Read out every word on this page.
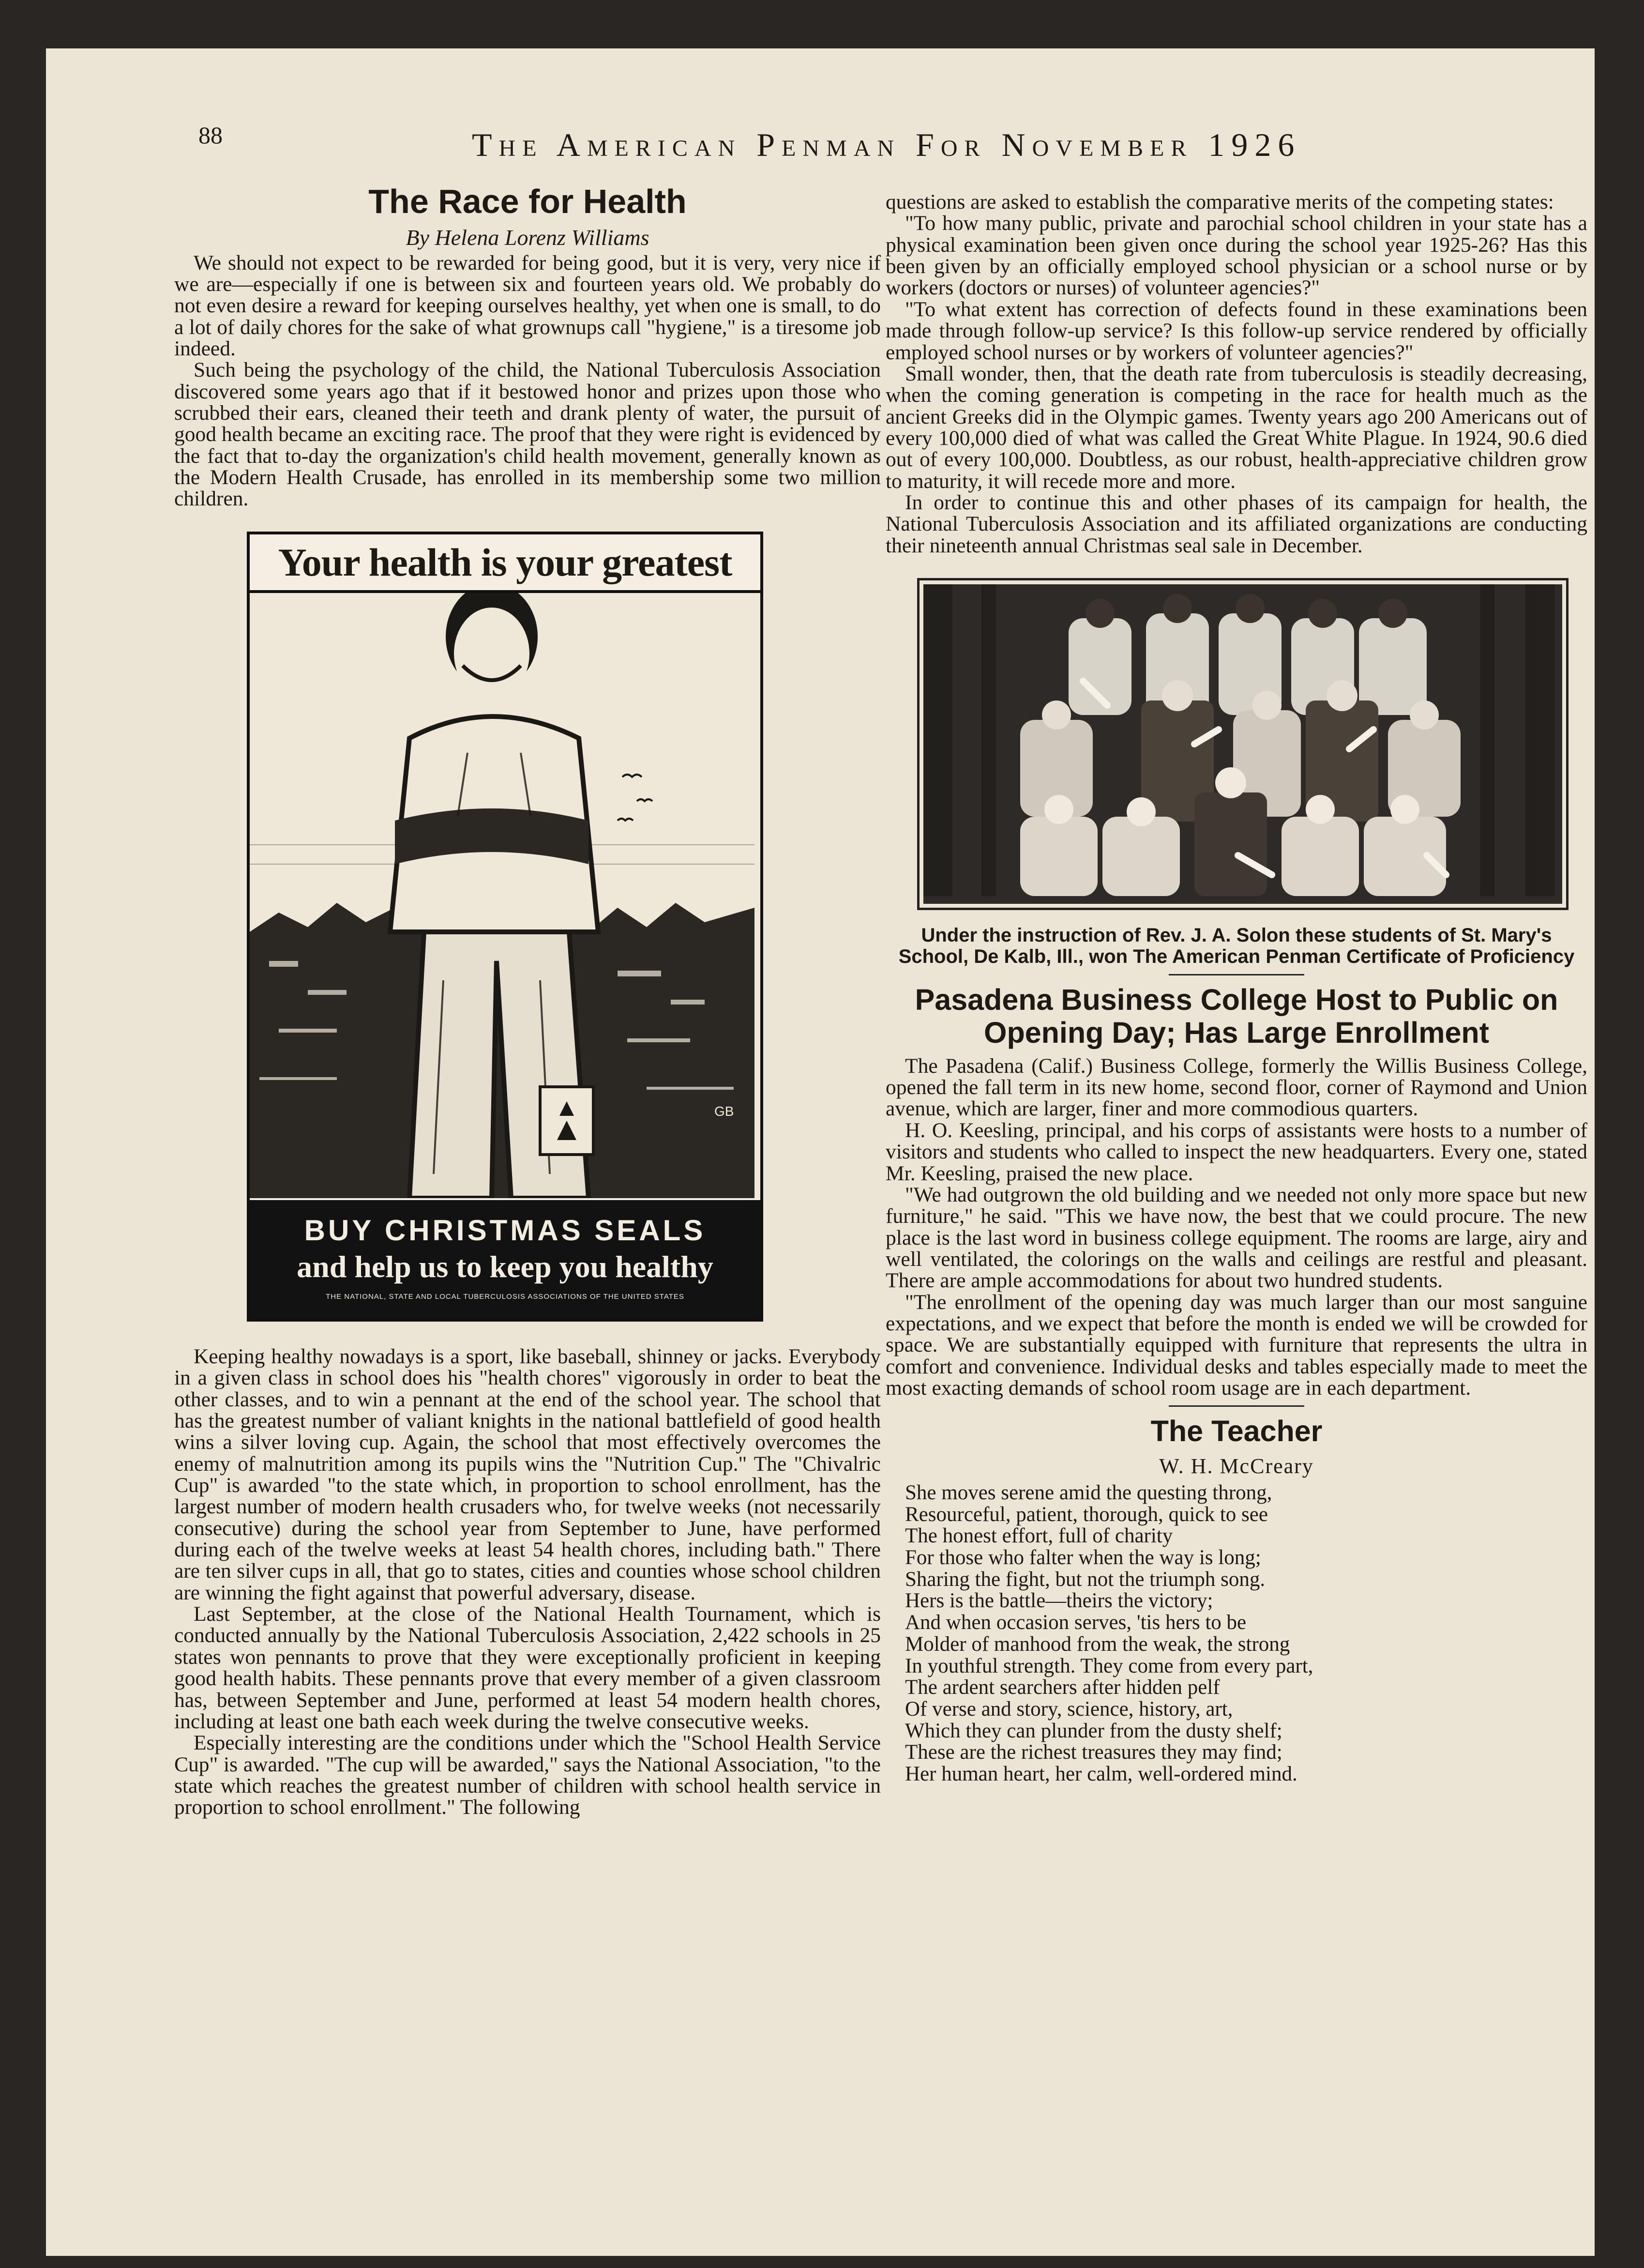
88	The American Penman For November 1926
The Race for Health
By Helena Lorenz Williams

We should not expect to be rewarded for being good, but it is very, very nice if we are—especially if one is between six and fourteen years old. We probably do not even desire a reward for keeping ourselves healthy, yet when one is small, to do a lot of daily chores for the sake of what grownups call "hygiene," is a tiresome job indeed.

Such being the psychology of the child, the National Tuberculosis Association discovered some years ago that if it bestowed honor and prizes upon those who scrubbed their ears, cleaned their teeth and drank plenty of water, the pursuit of good health became an exciting race. The proof that they were right is evidenced by the fact that to-day the organization's child health movement, generally known as the Modern Health Crusade, has enrolled in its membership some two million children.

Your health is your greatest
GB
BUY CHRISTMAS SEALS
and help us to keep you healthy
THE NATIONAL, STATE AND LOCAL TUBERCULOSIS ASSOCIATIONS OF THE UNITED STATES

Keeping healthy nowadays is a sport, like baseball, shinney or jacks. Everybody in a given class in school does his "health chores" vigorously in order to beat the other classes, and to win a pennant at the end of the school year. The school that has the greatest number of valiant knights in the national battlefield of good health wins a silver loving cup. Again, the school that most effectively overcomes the enemy of malnutrition among its pupils wins the "Nutrition Cup." The "Chivalric Cup" is awarded "to the state which, in proportion to school enrollment, has the largest number of modern health crusaders who, for twelve weeks (not necessarily consecutive) during the school year from September to June, have performed during each of the twelve weeks at least 54 health chores, including bath." There are ten silver cups in all, that go to states, cities and counties whose school children are winning the fight against that powerful adversary, disease.

Last September, at the close of the National Health Tournament, which is conducted annually by the National Tuberculosis Association, 2,422 schools in 25 states won pennants to prove that they were exceptionally proficient in keeping good health habits. These pennants prove that every member of a given classroom has, between September and June, performed at least 54 modern health chores, including at least one bath each week during the twelve consecutive weeks.

Especially interesting are the conditions under which the "School Health Service Cup" is awarded. "The cup will be awarded," says the National Association, "to the state which reaches the greatest number of children with school health service in proportion to school enrollment." The following

questions are asked to establish the comparative merits of the competing states:

"To how many public, private and parochial school children in your state has a physical examination been given once during the school year 1925-26? Has this been given by an officially employed school physician or a school nurse or by workers (doctors or nurses) of volunteer agencies?"

"To what extent has correction of defects found in these examinations been made through follow-up service? Is this follow-up service rendered by officially employed school nurses or by workers of volunteer agencies?"

Small wonder, then, that the death rate from tuberculosis is steadily decreasing, when the coming generation is competing in the race for health much as the ancient Greeks did in the Olympic games. Twenty years ago 200 Americans out of every 100,000 died of what was called the Great White Plague. In 1924, 90.6 died out of every 100,000. Doubtless, as our robust, health-appreciative children grow to maturity, it will recede more and more.

In order to continue this and other phases of its campaign for health, the National Tuberculosis Association and its affiliated organizations are conducting their nineteenth annual Christmas seal sale in December.

Under the instruction of Rev. J. A. Solon these students of St. Mary's School, De Kalb, Ill., won The American Penman Certificate of Proficiency
Pasadena Business College Host to Public on Opening Day; Has Large Enrollment

The Pasadena (Calif.) Business College, formerly the Willis Business College, opened the fall term in its new home, second floor, corner of Raymond and Union avenue, which are larger, finer and more commodious quarters.

H. O. Keesling, principal, and his corps of assistants were hosts to a number of visitors and students who called to inspect the new headquarters. Every one, stated Mr. Keesling, praised the new place.

"We had outgrown the old building and we needed not only more space but new furniture," he said. "This we have now, the best that we could procure. The new place is the last word in business college equipment. The rooms are large, airy and well ventilated, the colorings on the walls and ceilings are restful and pleasant. There are ample accommodations for about two hundred students.

"The enrollment of the opening day was much larger than our most sanguine expectations, and we expect that before the month is ended we will be crowded for space. We are substantially equipped with furniture that represents the ultra in comfort and convenience. Individual desks and tables especially made to meet the most exacting demands of school room usage are in each department.

The Teacher
W. H. McCreary

She moves serene amid the questing throng,

Resourceful, patient, thorough, quick to see

The honest effort, full of charity

For those who falter when the way is long;

Sharing the fight, but not the triumph song.

Hers is the battle—theirs the victory;

And when occasion serves, 'tis hers to be

Molder of manhood from the weak, the strong

In youthful strength. They come from every part,

The ardent searchers after hidden pelf

Of verse and story, science, history, art,

Which they can plunder from the dusty shelf;

These are the richest treasures they may find;

Her human heart, her calm, well-ordered mind.
